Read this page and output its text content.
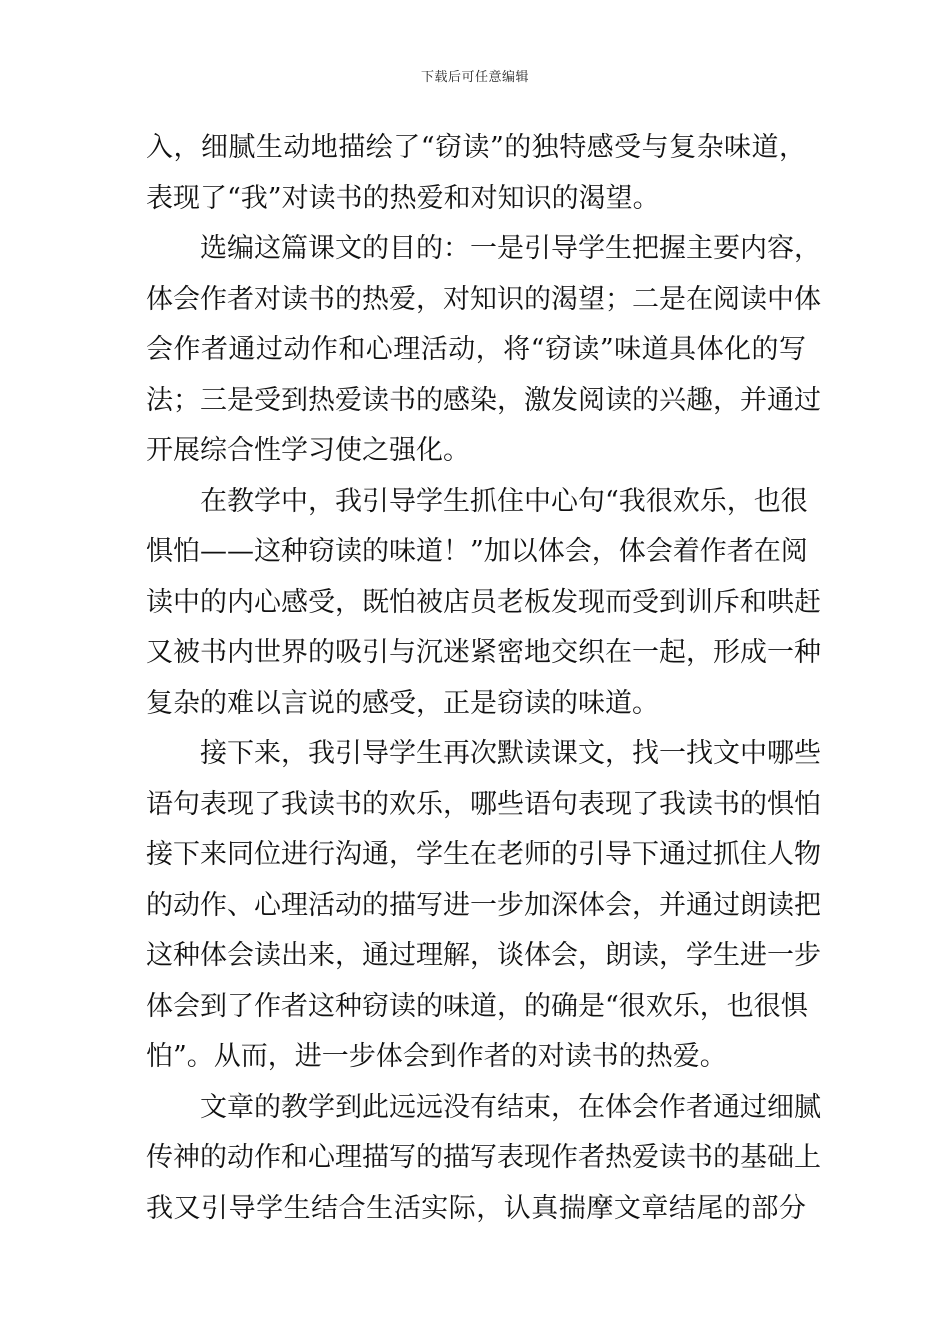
下载后可任意编辑
入，细腻生动地描绘了“窃读”的独特感受与复杂味道，
表现了“我”对读书的热爱和对知识的渴望。
选编这篇课文的目的：一是引导学生把握主要内容，
体会作者对读书的热爱，对知识的渴望；二是在阅读中体
会作者通过动作和心理活动，将“窃读”味道具体化的写
法；三是受到热爱读书的感染，激发阅读的兴趣，并通过
开展综合性学习使之强化。
在教学中，我引导学生抓住中心句“我很欢乐，也很
惧怕——这种窃读的味道！”加以体会，体会着作者在阅
读中的内心感受，既怕被店员老板发现而受到训斥和哄赶
又被书内世界的吸引与沉迷紧密地交织在一起，形成一种
复杂的难以言说的感受，正是窃读的味道。
接下来，我引导学生再次默读课文，找一找文中哪些
语句表现了我读书的欢乐，哪些语句表现了我读书的惧怕
接下来同位进行沟通，学生在老师的引导下通过抓住人物
的动作、心理活动的描写进一步加深体会，并通过朗读把
这种体会读出来，通过理解，谈体会，朗读，学生进一步
体会到了作者这种窃读的味道，的确是“很欢乐，也很惧
怕”。从而，进一步体会到作者的对读书的热爱。
文章的教学到此远远没有结束，在体会作者通过细腻
传神的动作和心理描写的描写表现作者热爱读书的基础上
我又引导学生结合生活实际，认真揣摩文章结尾的部分
